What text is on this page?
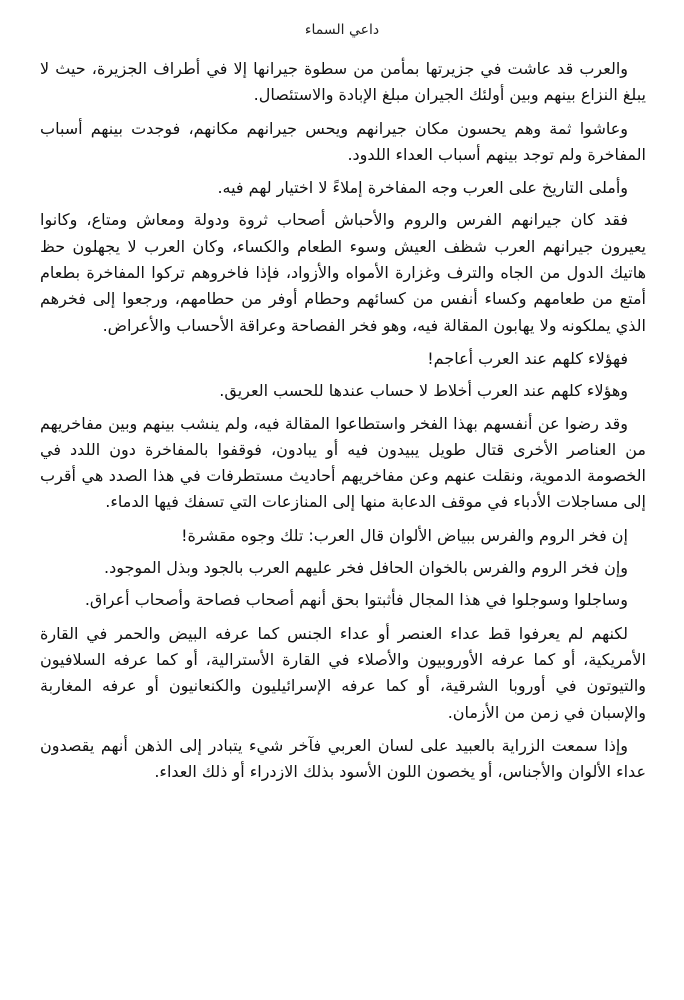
داعي السماء

والعرب قد عاشت في جزيرتها بمأمن من سطوة جيرانها إلا في أطراف الجزيرة، حيث لا يبلغ النزاع بينهم وبين أولئك الجيران مبلغ الإبادة والاستئصال.

وعاشوا ثمة وهم يحسون مكان جيرانهم ويحس جيرانهم مكانهم، فوجدت بينهم أسباب المفاخرة ولم توجد بينهم أسباب العداء اللدود.

وأملى التاريخ على العرب وجه المفاخرة إملاءً لا اختيار لهم فيه.

فقد كان جيرانهم الفرس والروم والأحباش أصحاب ثروة ودولة ومعاش ومتاع، وكانوا يعيرون جيرانهم العرب شظف العيش وسوء الطعام والكساء، وكان العرب لا يجهلون حظ هاتيك الدول من الجاه والترف وغزارة الأمواه والأزواد، فإذا فاخروهم تركوا المفاخرة بطعام أمتع من طعامهم وكساء أنفس من كسائهم وحطام أوفر من حطامهم، ورجعوا إلى فخرهم الذي يملكونه ولا يهابون المقالة فيه، وهو فخر الفصاحة وعراقة الأحساب والأعراض.

فهؤلاء كلهم عند العرب أعاجم!

وهؤلاء كلهم عند العرب أخلاط لا حساب عندها للحسب العريق.

وقد رضوا عن أنفسهم بهذا الفخر واستطاعوا المقالة فيه، ولم ينشب بينهم وبين مفاخريهم من العناصر الأخرى قتال طويل يبيدون فيه أو يبادون، فوقفوا بالمفاخرة دون اللدد في الخصومة الدموية، ونقلت عنهم وعن مفاخريهم أحاديث مستطرفات في هذا الصدد هي أقرب إلى مساجلات الأدباء في موقف الدعابة منها إلى المنازعات التي تسفك فيها الدماء.

إن فخر الروم والفرس ببياض الألوان قال العرب: تلك وجوه مقشرة!

وإن فخر الروم والفرس بالخوان الحافل فخر عليهم العرب بالجود وبذل الموجود.

وساجلوا وسوجلوا في هذا المجال فأثبتوا بحق أنهم أصحاب فصاحة وأصحاب أعراق.

لكنهم لم يعرفوا قط عداء العنصر أو عداء الجنس كما عرفه البيض والحمر في القارة الأمريكية، أو كما عرفه الأوروبيون والأصلاء في القارة الأسترالية، أو كما عرفه السلافيون والتيوتون في أوروبا الشرقية، أو كما عرفه الإسرائيليون والكنعانيون أو عرفه المغاربة والإسبان في زمن من الأزمان.

وإذا سمعت الزراية بالعبيد على لسان العربي فآخر شيء يتبادر إلى الذهن أنهم يقصدون عداء الألوان والأجناس، أو يخصون اللون الأسود بذلك الازدراء أو ذلك العداء.
